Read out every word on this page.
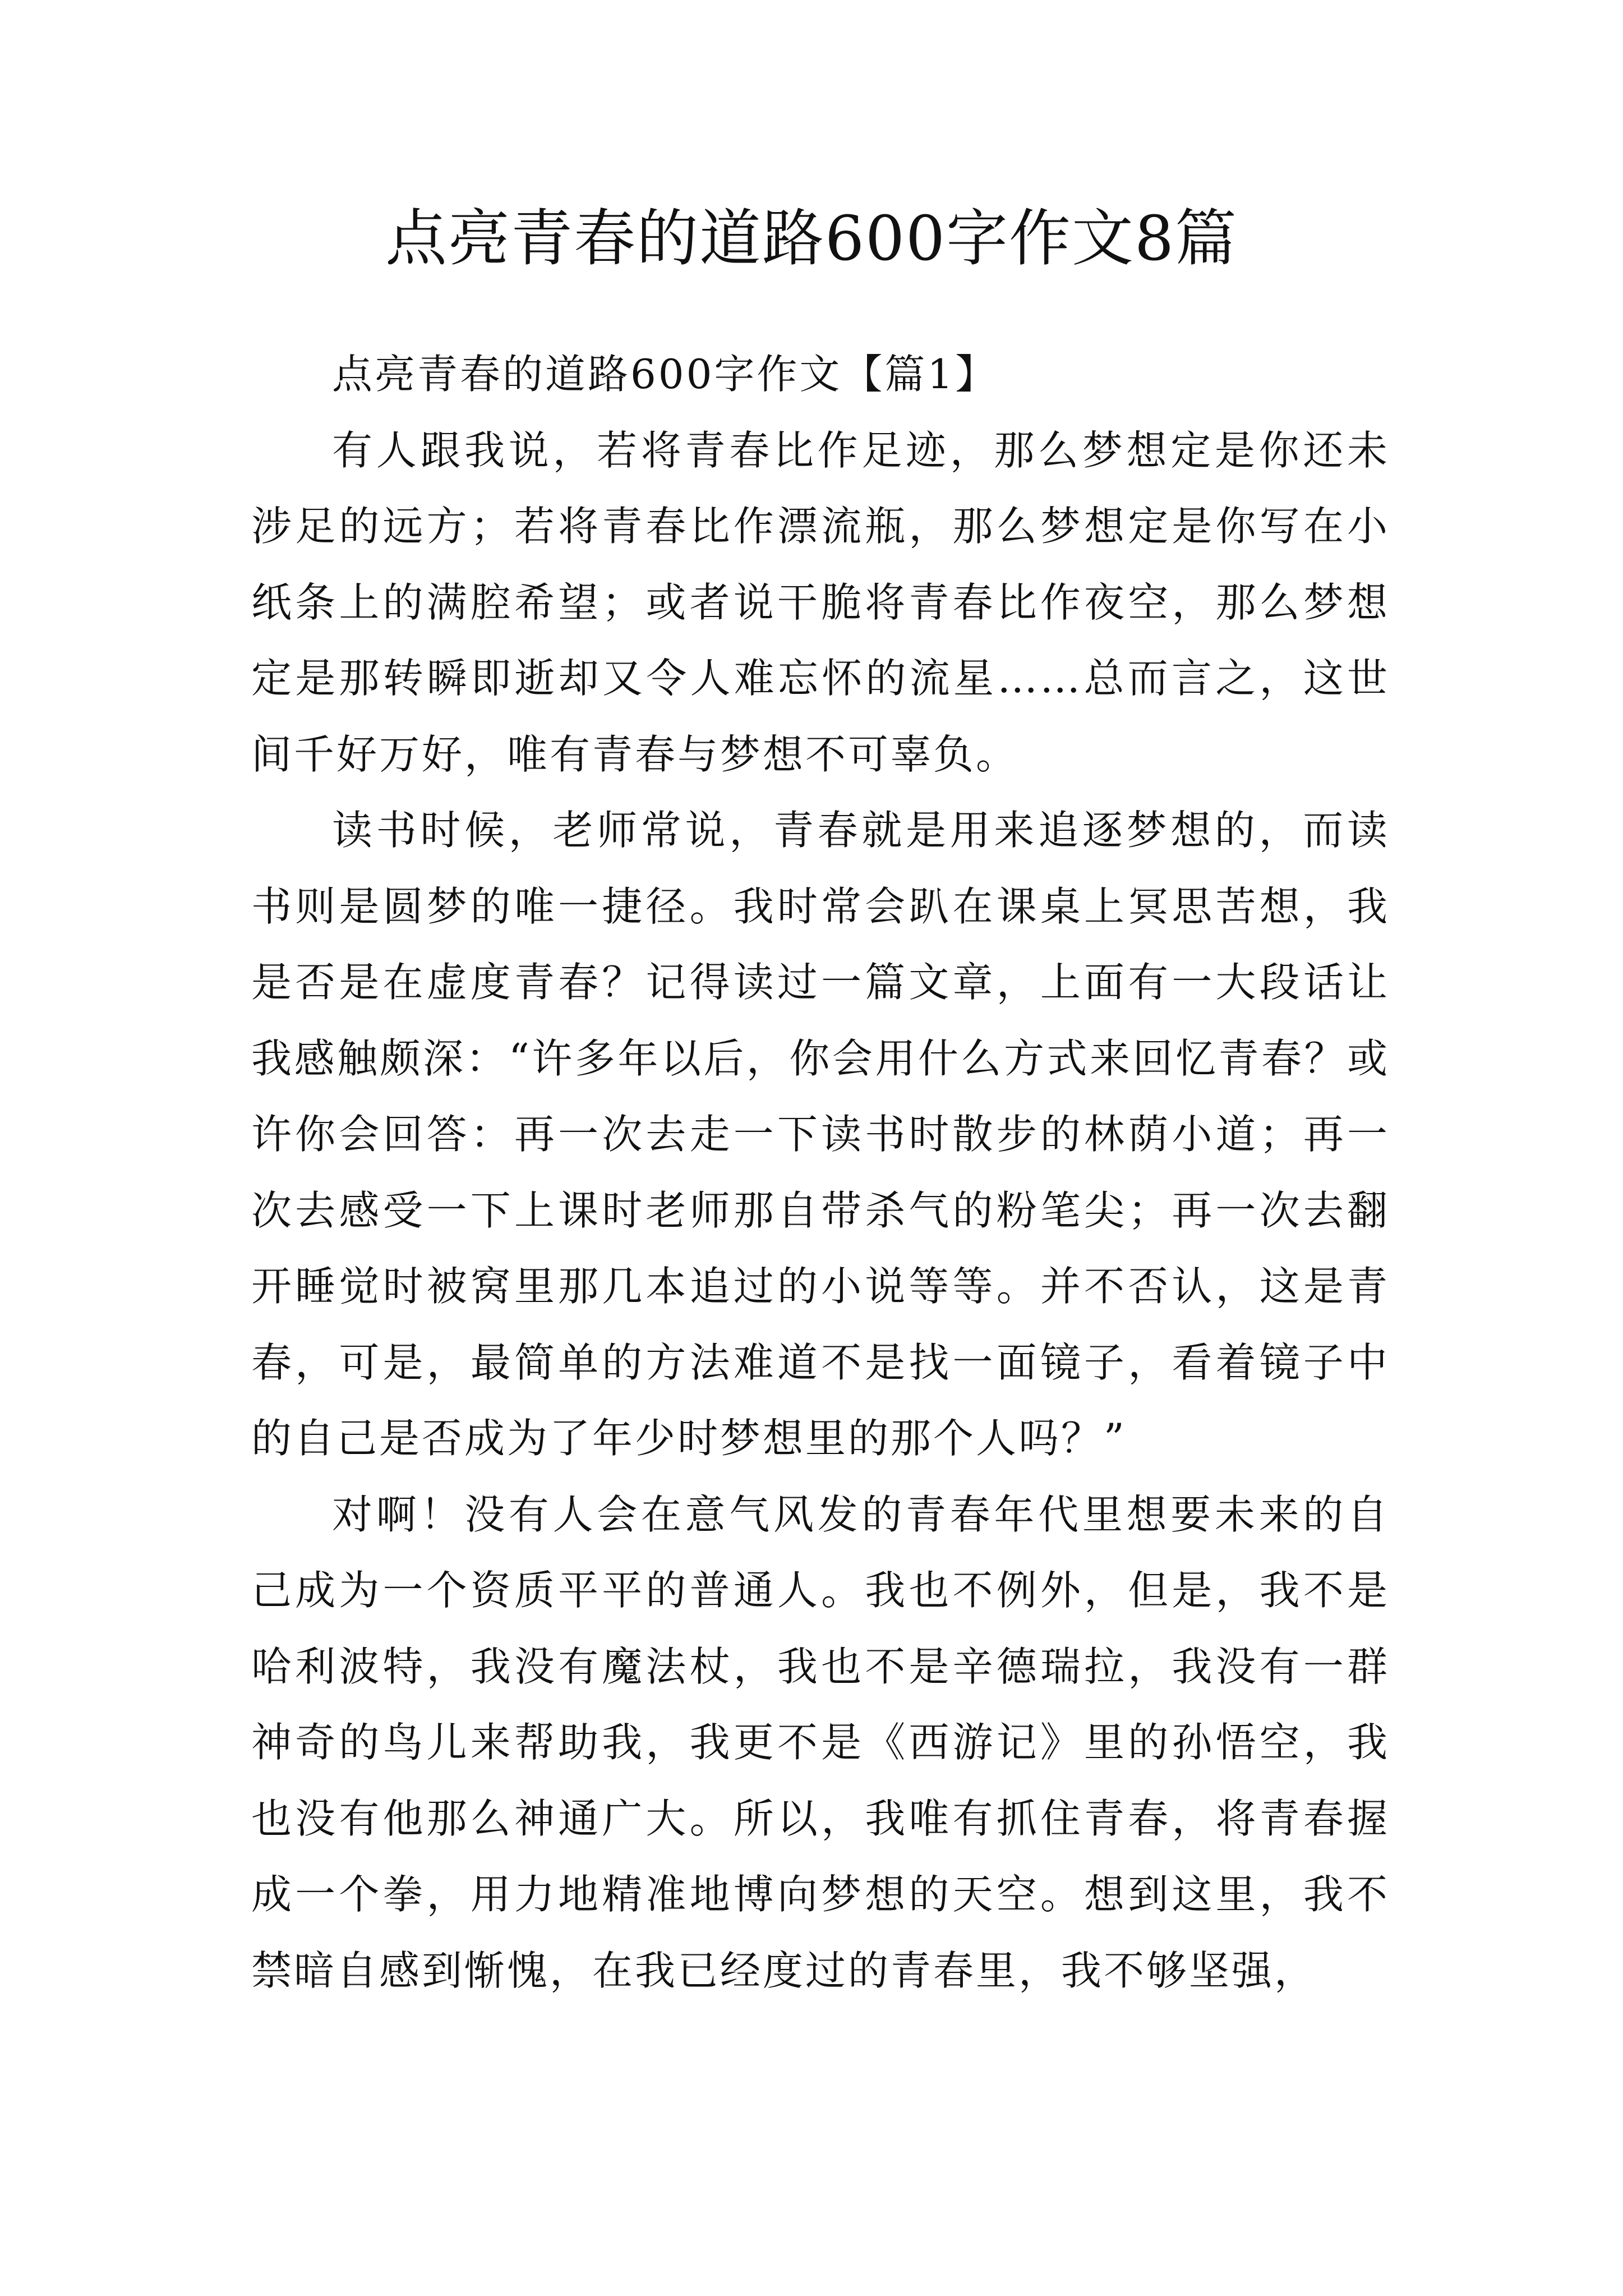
点亮青春的道路600字作文8篇

点亮青春的道路600字作文【篇1】

有人跟我说，若将青春比作足迹，那么梦想定是你还未涉足的远方；若将青春比作漂流瓶，那么梦想定是你写在小纸条上的满腔希望；或者说干脆将青春比作夜空，那么梦想定是那转瞬即逝却又令人难忘怀的流星……总而言之，这世间千好万好，唯有青春与梦想不可辜负。

读书时候，老师常说，青春就是用来追逐梦想的，而读书则是圆梦的唯一捷径。我时常会趴在课桌上冥思苦想，我是否是在虚度青春？记得读过一篇文章，上面有一大段话让我感触颇深：“许多年以后，你会用什么方式来回忆青春？或许你会回答：再一次去走一下读书时散步的林荫小道；再一次去感受一下上课时老师那自带杀气的粉笔尖；再一次去翻开睡觉时被窝里那几本追过的小说等等。并不否认，这是青春，可是，最简单的方法难道不是找一面镜子，看着镜子中的自己是否成为了年少时梦想里的那个人吗？”

对啊！没有人会在意气风发的青春年代里想要未来的自己成为一个资质平平的普通人。我也不例外，但是，我不是哈利波特，我没有魔法杖，我也不是辛德瑞拉，我没有一群神奇的鸟儿来帮助我，我更不是《西游记》里的孙悟空，我也没有他那么神通广大。所以，我唯有抓住青春，将青春握成一个拳，用力地精准地博向梦想的天空。想到这里，我不禁暗自感到惭愧，在我已经度过的青春里，我不够坚强，
